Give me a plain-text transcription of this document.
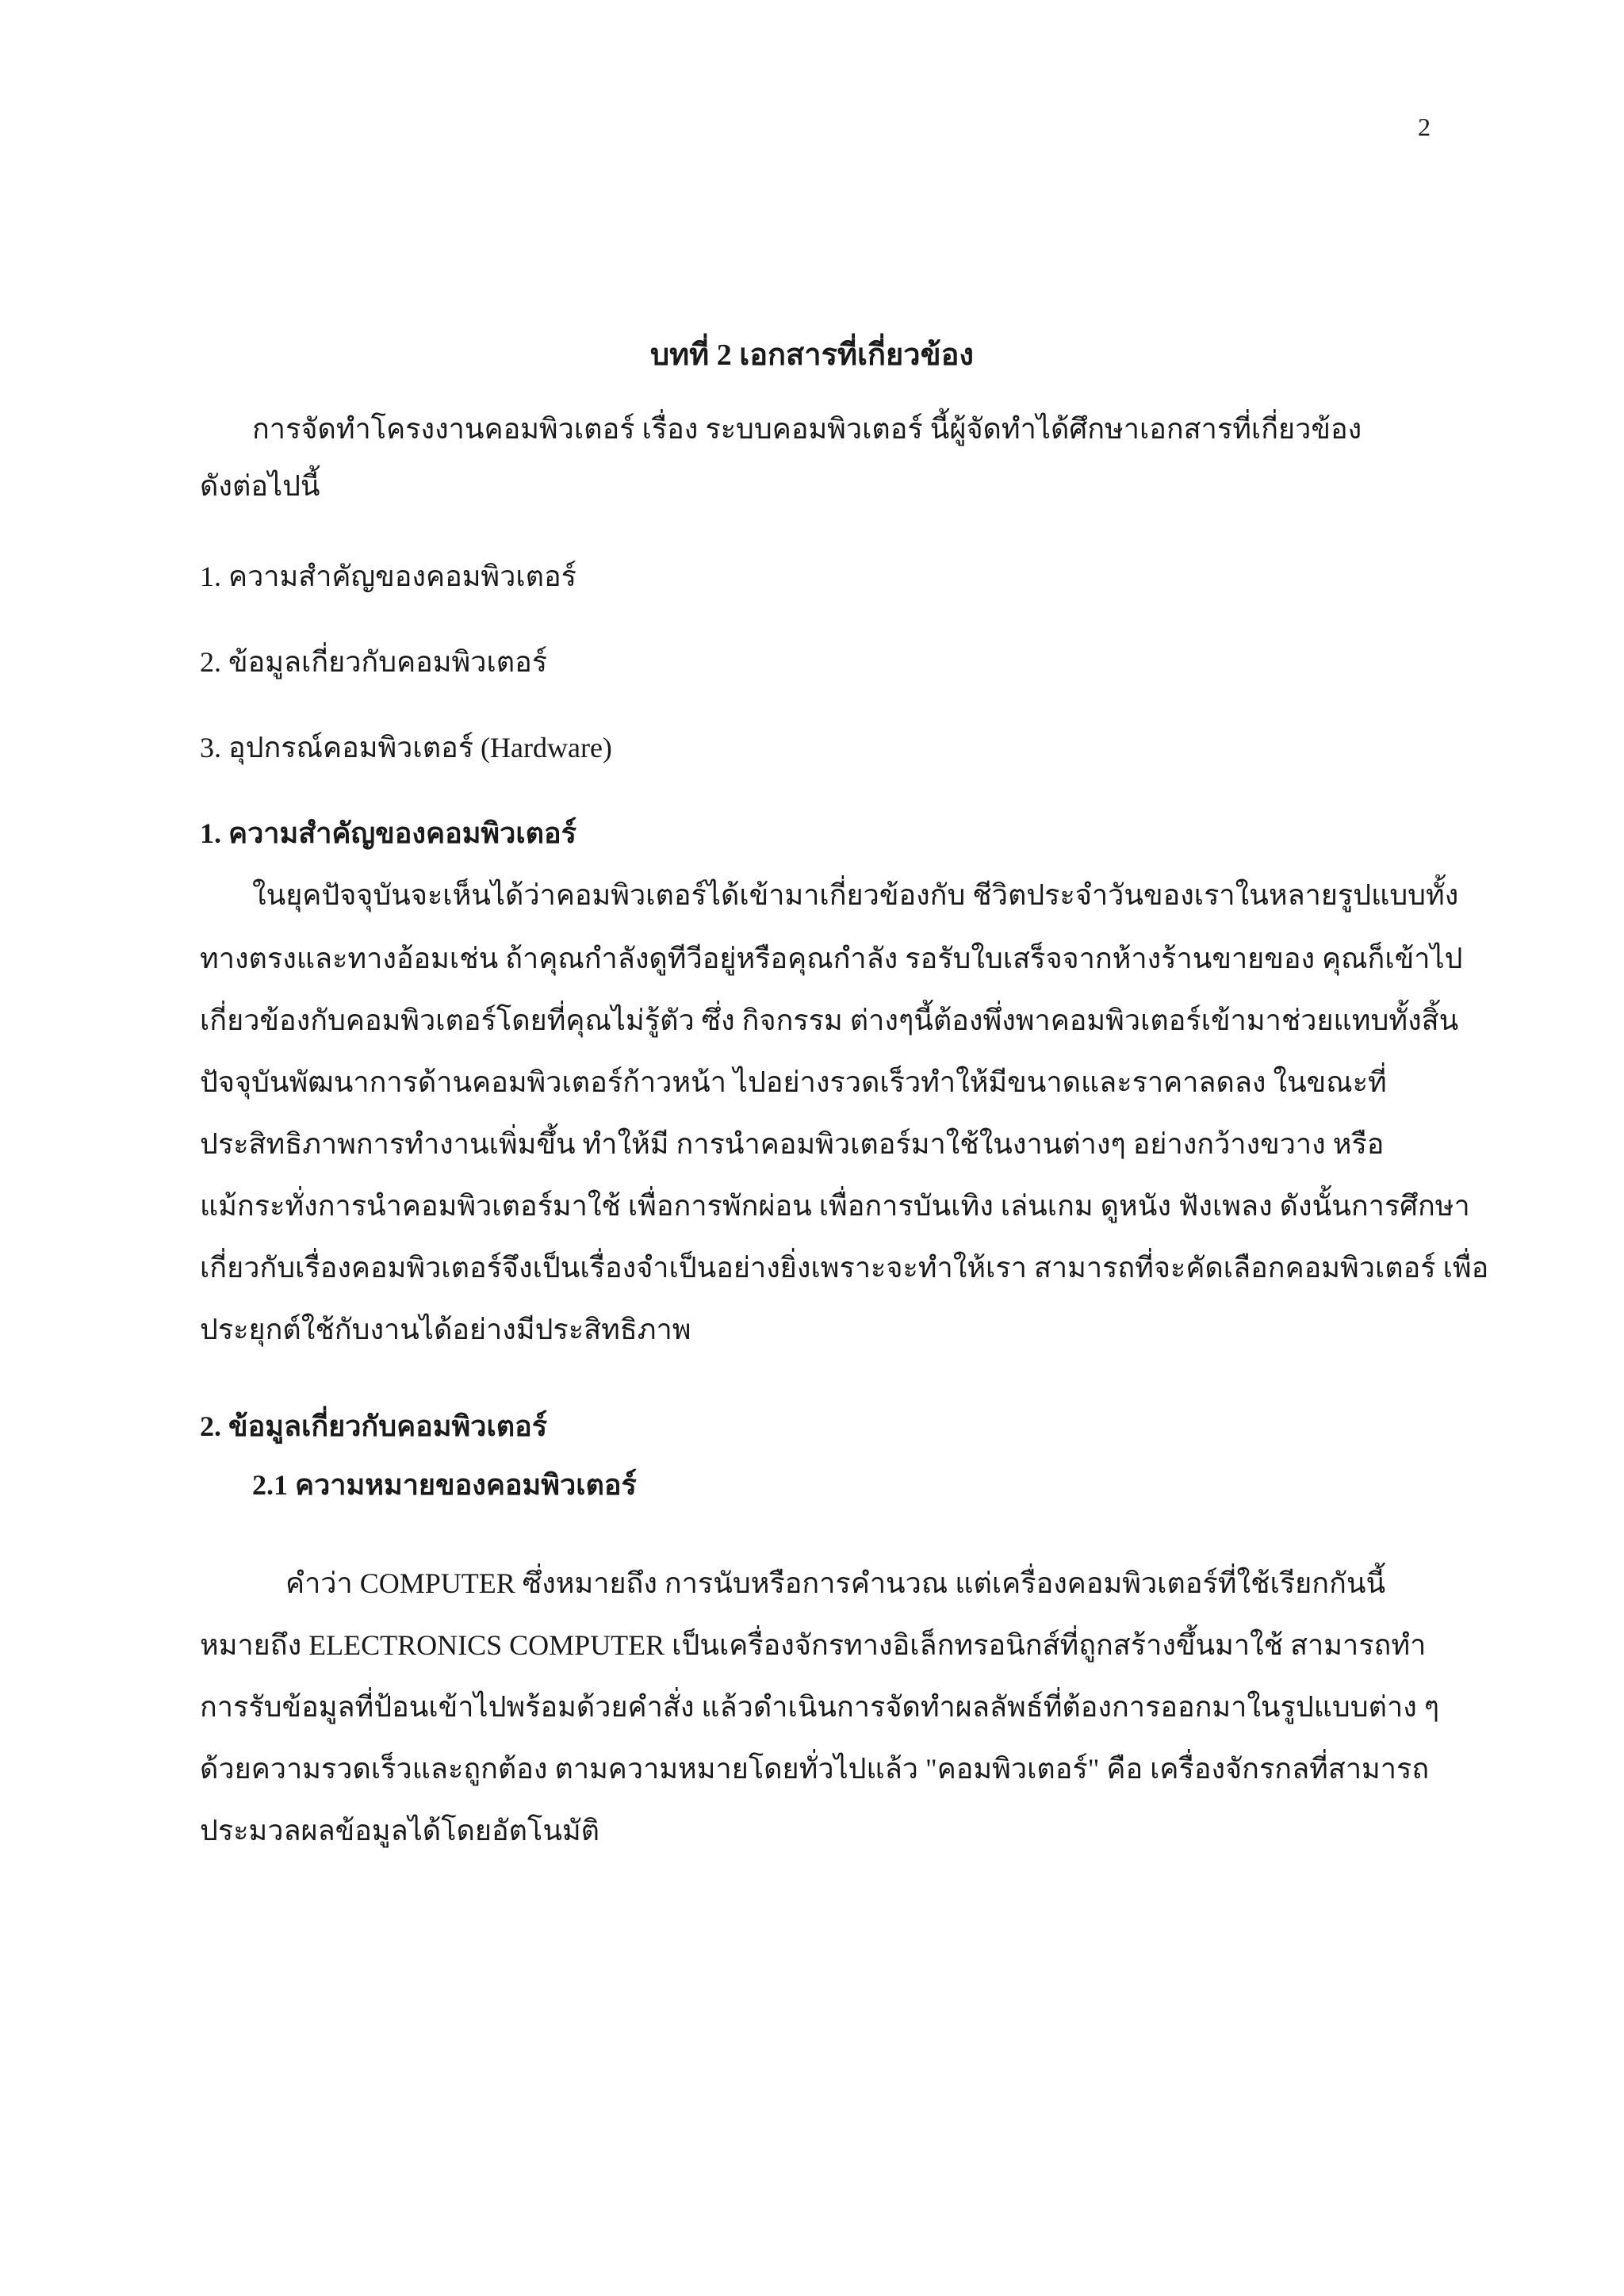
2
บทที่ 2 เอกสารที่เกี่ยวข้อง
การจัดทำโครงงานคอมพิวเตอร์ เรื่อง ระบบคอมพิวเตอร์ นี้ผู้จัดทำได้ศึกษาเอกสารที่เกี่ยวข้อง
ดังต่อไปนี้
1. ความสำคัญของคอมพิวเตอร์
2. ข้อมูลเกี่ยวกับคอมพิวเตอร์
3. อุปกรณ์คอมพิวเตอร์ (Hardware)
1. ความสำคัญของคอมพิวเตอร์
ในยุคปัจจุบันจะเห็นได้ว่าคอมพิวเตอร์ได้เข้ามาเกี่ยวข้องกับ ชีวิตประจำวันของเราในหลายรูปแบบทั้ง
ทางตรงและทางอ้อมเช่น ถ้าคุณกำลังดูทีวีอยู่หรือคุณกำลัง รอรับใบเสร็จจากห้างร้านขายของ คุณก็เข้าไป
เกี่ยวข้องกับคอมพิวเตอร์โดยที่คุณไม่รู้ตัว ซึ่ง กิจกรรม ต่างๆนี้ต้องพึ่งพาคอมพิวเตอร์เข้ามาช่วยแทบทั้งสิ้น
ปัจจุบันพัฒนาการด้านคอมพิวเตอร์ก้าวหน้า ไปอย่างรวดเร็วทำให้มีขนาดและราคาลดลง ในขณะที่
ประสิทธิภาพการทำงานเพิ่มขึ้น ทำให้มี การนำคอมพิวเตอร์มาใช้ในงานต่างๆ อย่างกว้างขวาง หรือ
แม้กระทั่งการนำคอมพิวเตอร์มาใช้ เพื่อการพักผ่อน เพื่อการบันเทิง เล่นเกม ดูหนัง ฟังเพลง ดังนั้นการศึกษา
เกี่ยวกับเรื่องคอมพิวเตอร์จึงเป็นเรื่องจำเป็นอย่างยิ่งเพราะจะทำให้เรา สามารถที่จะคัดเลือกคอมพิวเตอร์ เพื่อ
ประยุกต์ใช้กับงานได้อย่างมีประสิทธิภาพ
2. ข้อมูลเกี่ยวกับคอมพิวเตอร์
2.1 ความหมายของคอมพิวเตอร์
คำว่า COMPUTER ซึ่งหมายถึง การนับหรือการคำนวณ แต่เครื่องคอมพิวเตอร์ที่ใช้เรียกกันนี้
หมายถึง ELECTRONICS COMPUTER เป็นเครื่องจักรทางอิเล็กทรอนิกส์ที่ถูกสร้างขึ้นมาใช้ สามารถทำ
การรับข้อมูลที่ป้อนเข้าไปพร้อมด้วยคำสั่ง แล้วดำเนินการจัดทำผลลัพธ์ที่ต้องการออกมาในรูปแบบต่าง ๆ
ด้วยความรวดเร็วและถูกต้อง ตามความหมายโดยทั่วไปแล้ว "คอมพิวเตอร์" คือ เครื่องจักรกลที่สามารถ
ประมวลผลข้อมูลได้โดยอัตโนมัติ
